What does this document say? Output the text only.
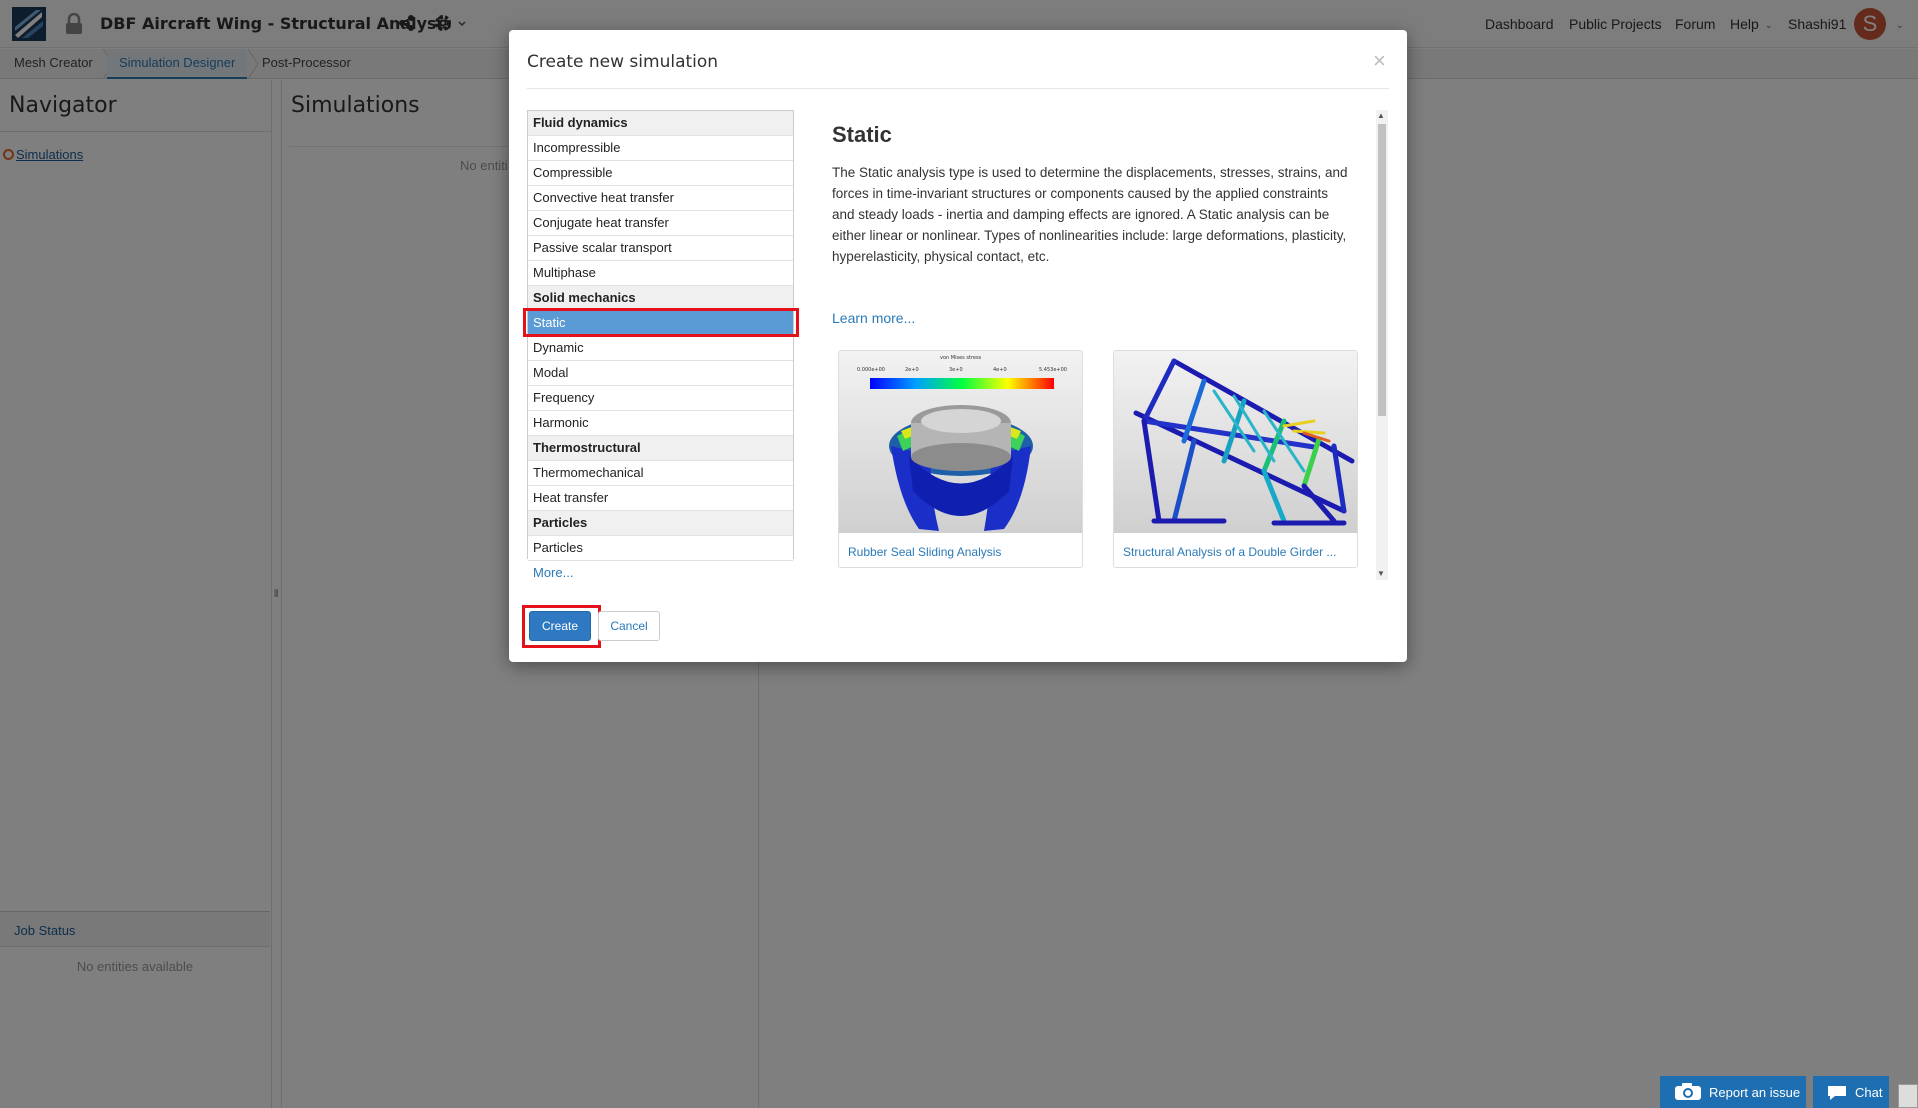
Create new simulation	×
Fluid dynamics
Incompressible
Compressible
Convective heat transfer
Conjugate heat transfer
Passive scalar transport
Multiphase
Solid mechanics
Static
Dynamic
Modal
Frequency
Harmonic
Thermostructural
Thermomechanical
Heat transfer
Particles
Particles
More...
Static
The Static analysis type is used to determine the displacements, stresses, strains, and forces in time-invariant structures or components caused by the applied constraints and steady loads - inertia and damping effects are ignored. A Static analysis can be either linear or nonlinear. Types of nonlinearities include: large deformations, plasticity, hyperelasticity, physical contact, etc.
Learn more...
von Mises stress
0.000e+00	2e+0	3e+0	4e+0	5.453e+00
Rubber Seal Sliding Analysis	Structural Analysis of a Double Girder ...
▲
▼
Create	Cancel
Report an issue	Chat
